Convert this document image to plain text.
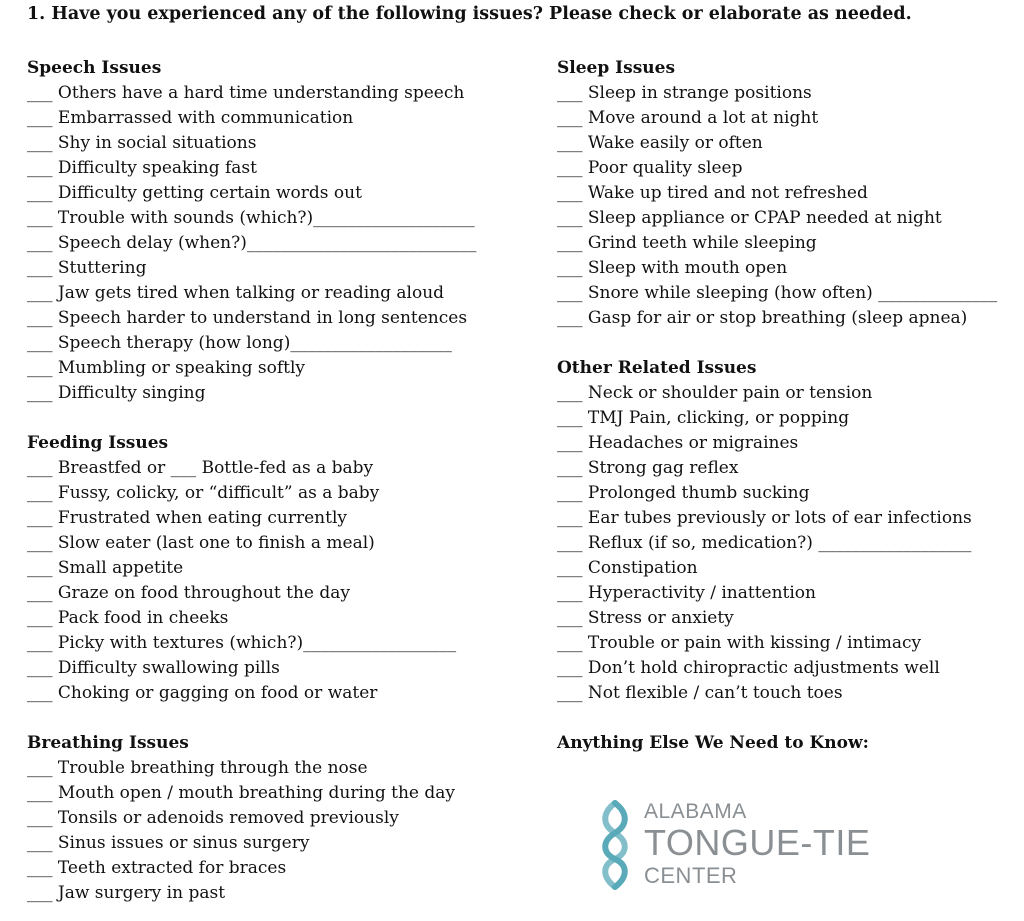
1. Have you experienced any of the following issues? Please check or elaborate as needed.
Speech Issues
___ Others have a hard time understanding speech
___ Embarrassed with communication
___ Shy in social situations
___ Difficulty speaking fast
___ Difficulty getting certain words out
___ Trouble with sounds (which?)___________________
___ Speech delay (when?)___________________________
___ Stuttering
___ Jaw gets tired when talking or reading aloud
___ Speech harder to understand in long sentences
___ Speech therapy (how long)___________________
___ Mumbling or speaking softly
___ Difficulty singing
Feeding Issues
___ Breastfed or ___ Bottle-fed as a baby
___ Fussy, colicky, or “difficult” as a baby
___ Frustrated when eating currently
___ Slow eater (last one to finish a meal)
___ Small appetite
___ Graze on food throughout the day
___ Pack food in cheeks
___ Picky with textures (which?)__________________
___ Difficulty swallowing pills
___ Choking or gagging on food or water
Breathing Issues
___ Trouble breathing through the nose
___ Mouth open / mouth breathing during the day
___ Tonsils or adenoids removed previously
___ Sinus issues or sinus surgery
___ Teeth extracted for braces
___ Jaw surgery in past
Sleep Issues
___ Sleep in strange positions
___ Move around a lot at night
___ Wake easily or often
___ Poor quality sleep
___ Wake up tired and not refreshed
___ Sleep appliance or CPAP needed at night
___ Grind teeth while sleeping
___ Sleep with mouth open
___ Snore while sleeping (how often) ______________
___ Gasp for air or stop breathing (sleep apnea)
Other Related Issues
___ Neck or shoulder pain or tension
___ TMJ Pain, clicking, or popping
___ Headaches or migraines
___ Strong gag reflex
___ Prolonged thumb sucking
___ Ear tubes previously or lots of ear infections
___ Reflux (if so, medication?) __________________
___ Constipation
___ Hyperactivity / inattention
___ Stress or anxiety
___ Trouble or pain with kissing / intimacy
___ Don’t hold chiropractic adjustments well
___ Not flexible / can’t touch toes
Anything Else We Need to Know:
ALABAMA
TONGUE-TIE
CENTER
